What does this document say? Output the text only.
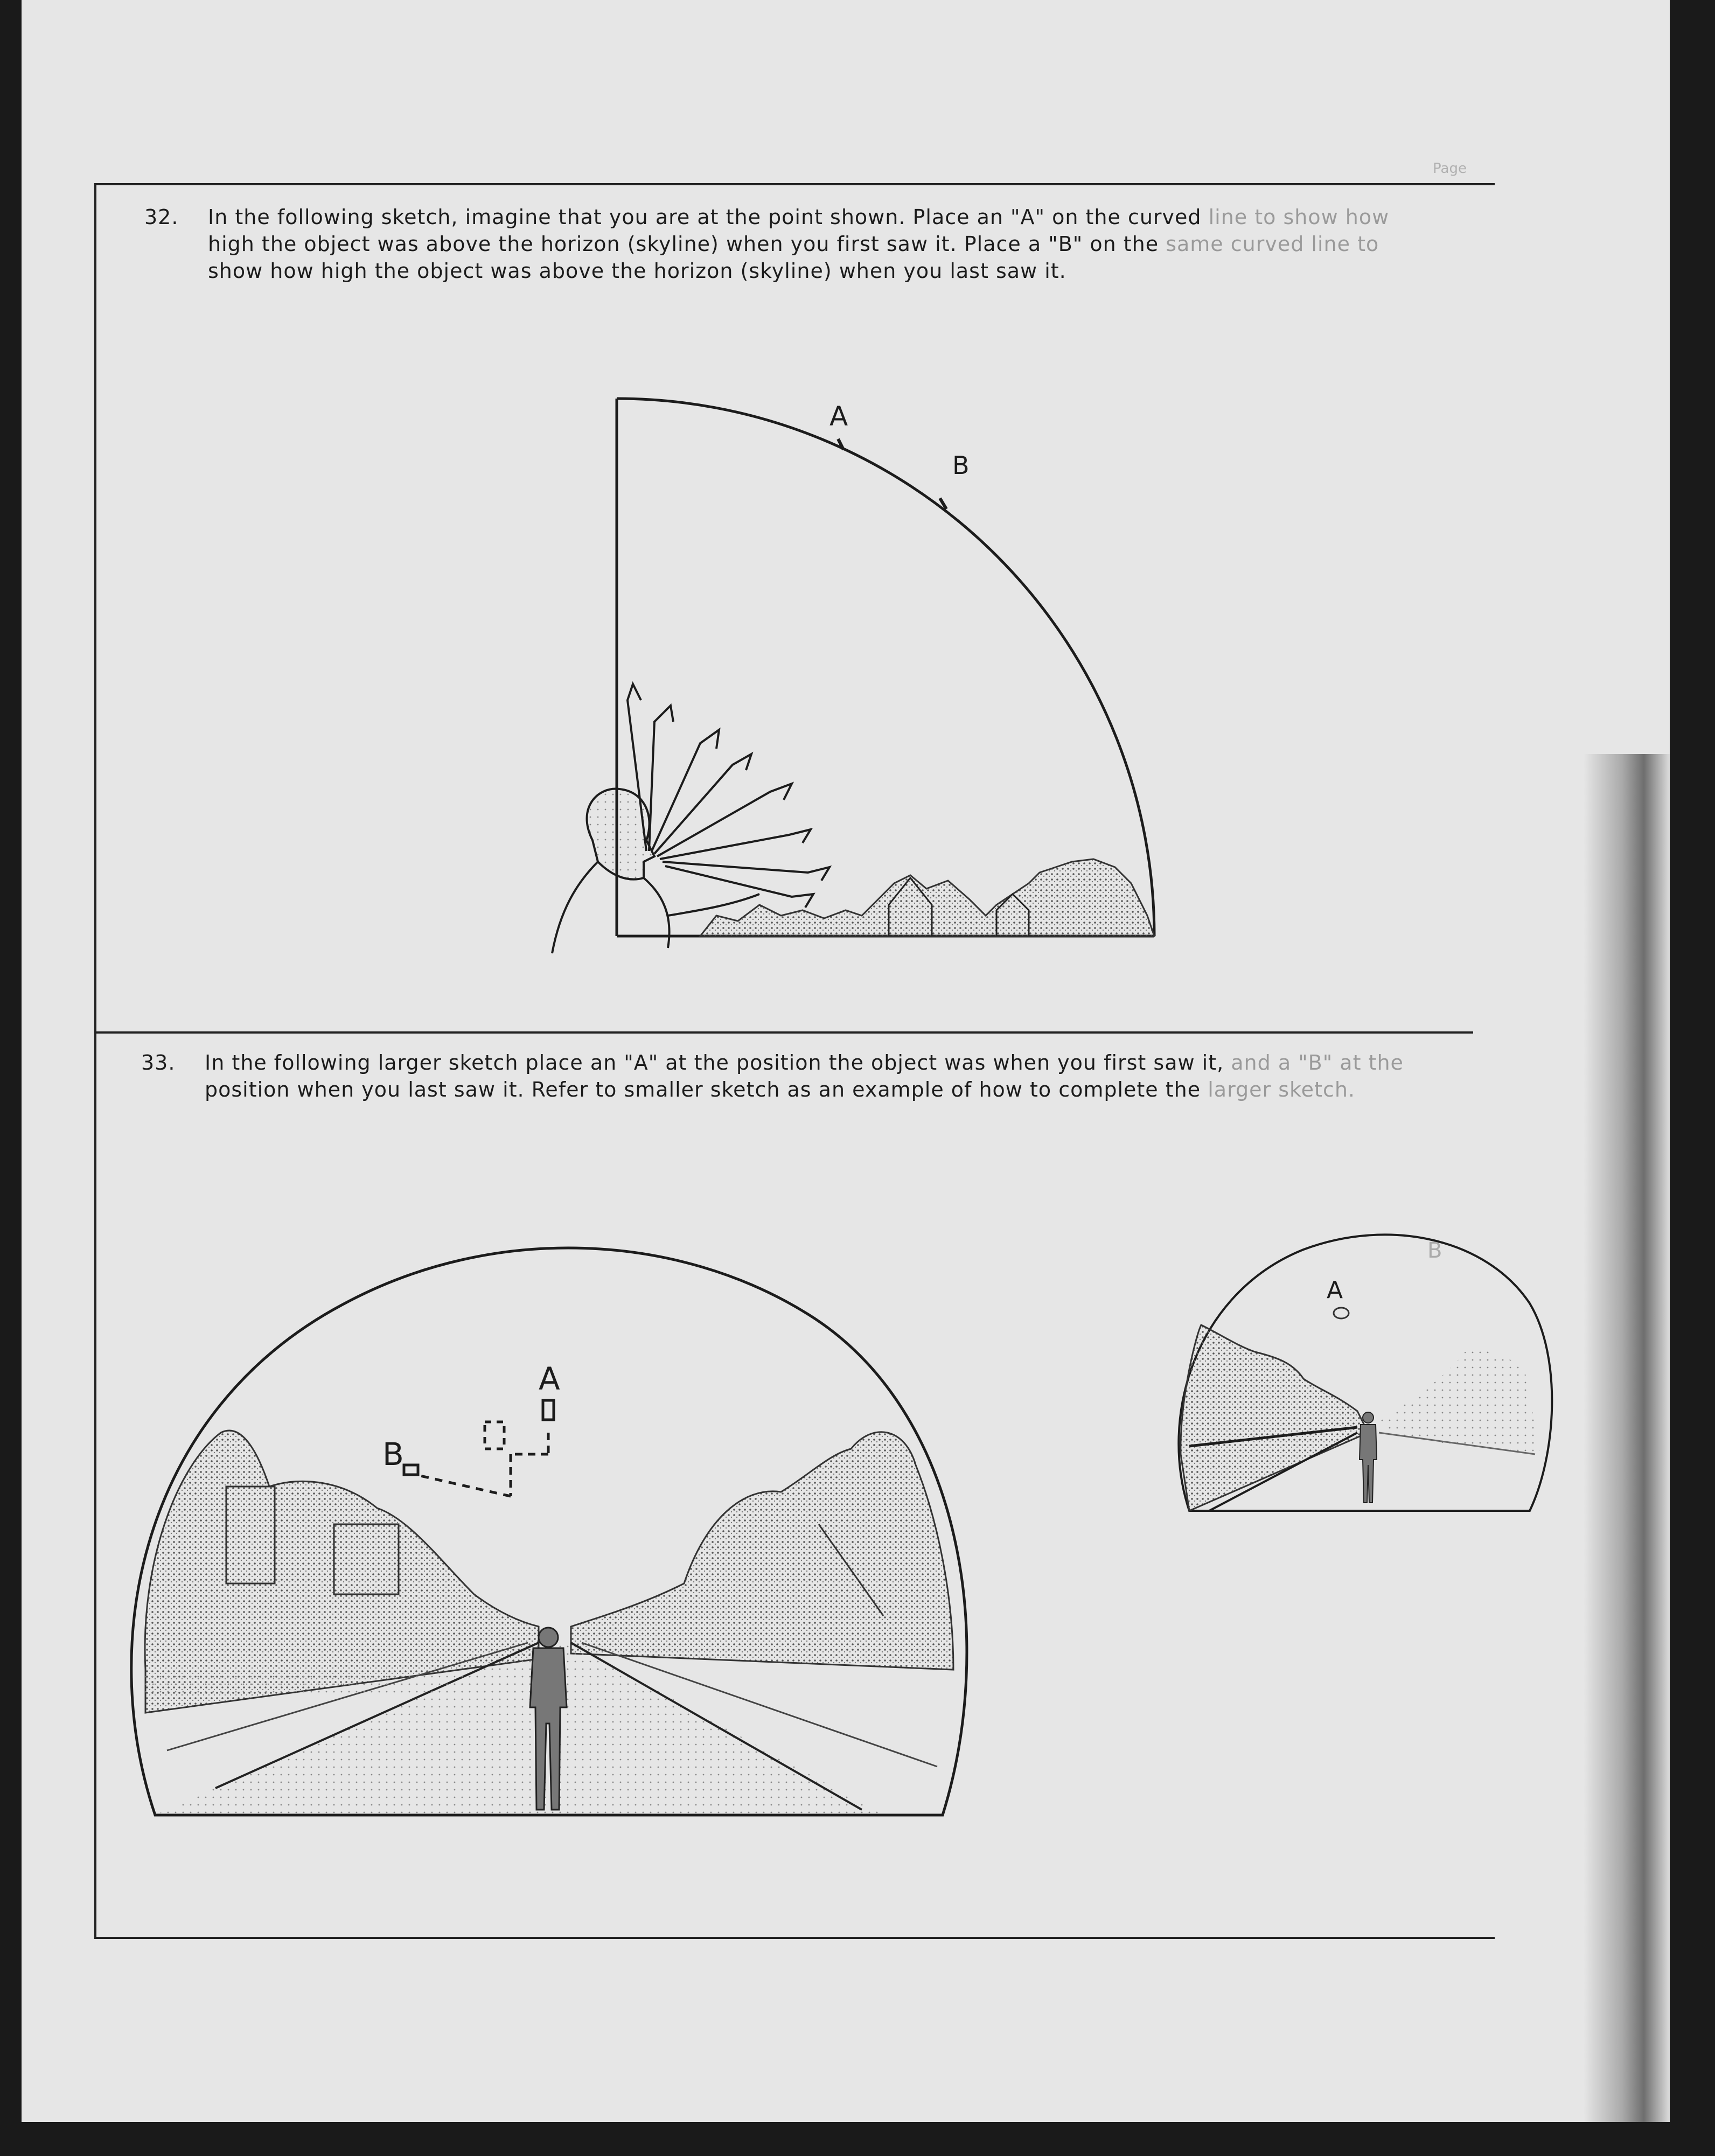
Page
32. In the following sketch, imagine that you are at the point shown. Place an "A" on the curved line to show how
high the object was above the horizon (skyline) when you first saw it. Place a "B" on the same curved line to
show how high the object was above the horizon (skyline) when you last saw it.
33. In the following larger sketch place an "A" at the position the object was when you first saw it, and a "B" at the
position when you last saw it. Refer to smaller sketch as an example of how to complete the larger sketch.
A
B
A
B
A
B
